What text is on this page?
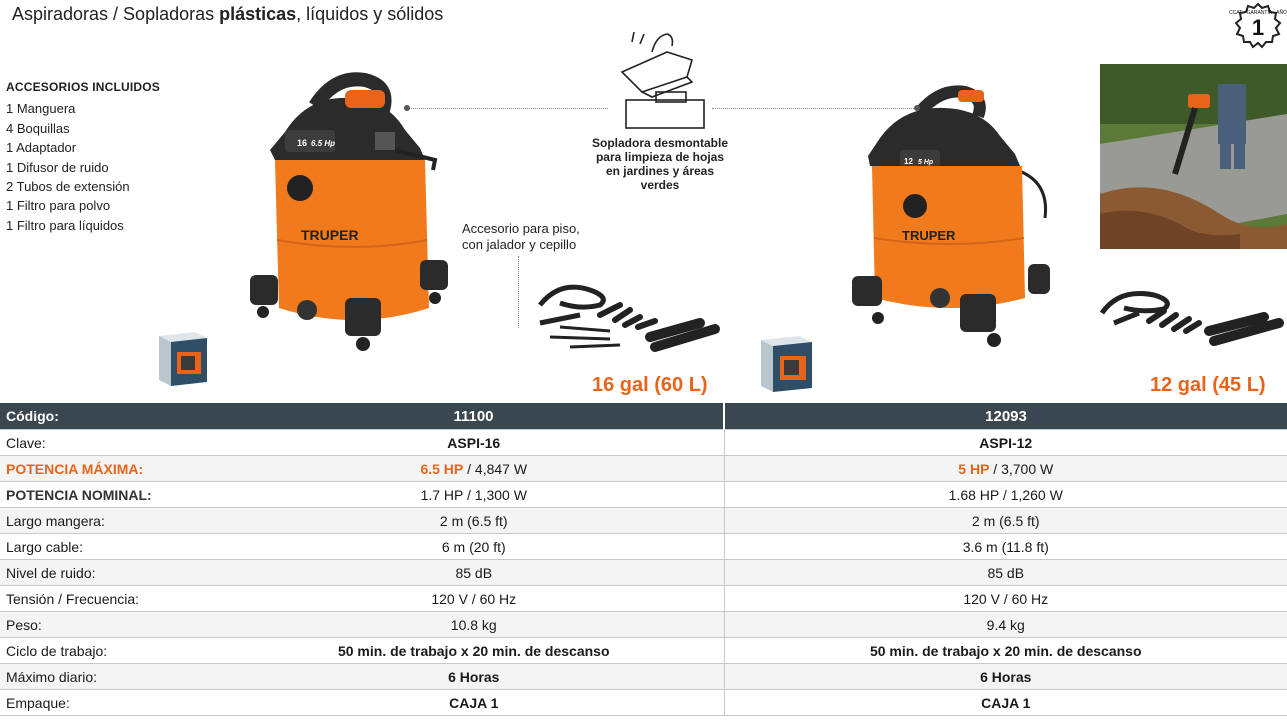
Aspiradoras / Sopladoras plásticas, líquidos y sólidos
1
CCAT · GARANTÍA · AÑO
ACCESORIOS INCLUIDOS
1 Manguera
4 Boquillas
1 Adaptador
1 Difusor de ruido
2 Tubos de extensión
1 Filtro para polvo
1 Filtro para líquidos
16 6.5 Hp
TRUPER
12 5 Hp
TRUPER
Sopladora desmontable
para limpieza de hojas
en jardines y áreas verdes
Accesorio para piso,
con jalador y cepillo
16 gal (60 L)	12 gal (45 L)
Código:	11100	12093
Clave:	ASPI-16	ASPI-12
POTENCIA MÁXIMA:	6.5 HP / 4,847 W	5 HP / 3,700 W
POTENCIA NOMINAL:	1.7 HP / 1,300 W	1.68 HP / 1,260 W
Largo mangera:	2 m (6.5 ft)	2 m (6.5 ft)
Largo cable:	6 m (20 ft)	3.6 m (11.8 ft)
Nivel de ruido:	85 dB	85 dB
Tensión / Frecuencia:	120 V / 60 Hz	120 V / 60 Hz
Peso:	10.8 kg	9.4 kg
Ciclo de trabajo:	50 min. de trabajo x 20 min. de descanso	50 min. de trabajo x 20 min. de descanso
Máximo diario:	6 Horas	6 Horas
Empaque:	CAJA 1	CAJA 1
